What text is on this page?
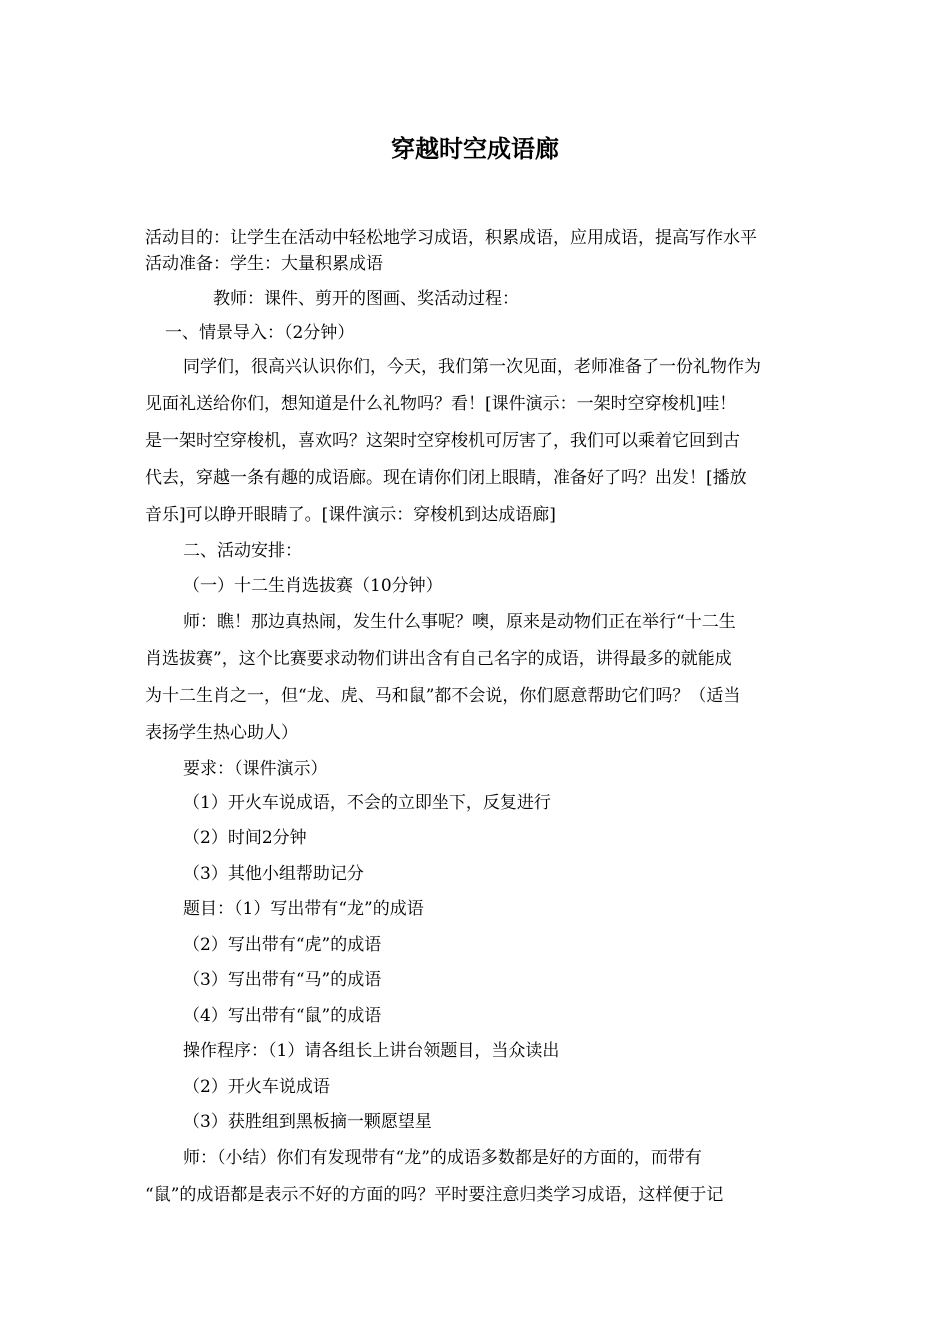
穿越时空成语廊
活动目的：让学生在活动中轻松地学习成语，积累成语，应用成语，提高写作水平
活动准备：学生：大量积累成语
教师：课件、剪开的图画、奖活动过程：
一、情景导入：（2分钟）
同学们，很高兴认识你们，今天，我们第一次见面，老师准备了一份礼物作为
见面礼送给你们，想知道是什么礼物吗？看！[课件演示：一架时空穿梭机]哇！
是一架时空穿梭机，喜欢吗？这架时空穿梭机可厉害了，我们可以乘着它回到古
代去，穿越一条有趣的成语廊。现在请你们闭上眼睛，准备好了吗？出发！[播放
音乐]可以睁开眼睛了。[课件演示：穿梭机到达成语廊]
二、活动安排：
（一）十二生肖选拔赛（10分钟）
师：瞧！那边真热闹，发生什么事呢？噢，原来是动物们正在举行“十二生
肖选拔赛”，这个比赛要求动物们讲出含有自己名字的成语，讲得最多的就能成
为十二生肖之一，但“龙、虎、马和鼠”都不会说，你们愿意帮助它们吗？（适当
表扬学生热心助人）
要求：（课件演示）
（1）开火车说成语，不会的立即坐下，反复进行
（2）时间2分钟
（3）其他小组帮助记分
题目：（1）写出带有“龙”的成语
（2）写出带有“虎”的成语
（3）写出带有“马”的成语
（4）写出带有“鼠”的成语
操作程序：（1）请各组长上讲台领题目，当众读出
（2）开火车说成语
（3）获胜组到黑板摘一颗愿望星
师：（小结）你们有发现带有“龙”的成语多数都是好的方面的，而带有
“鼠”的成语都是表示不好的方面的吗？平时要注意归类学习成语，这样便于记
